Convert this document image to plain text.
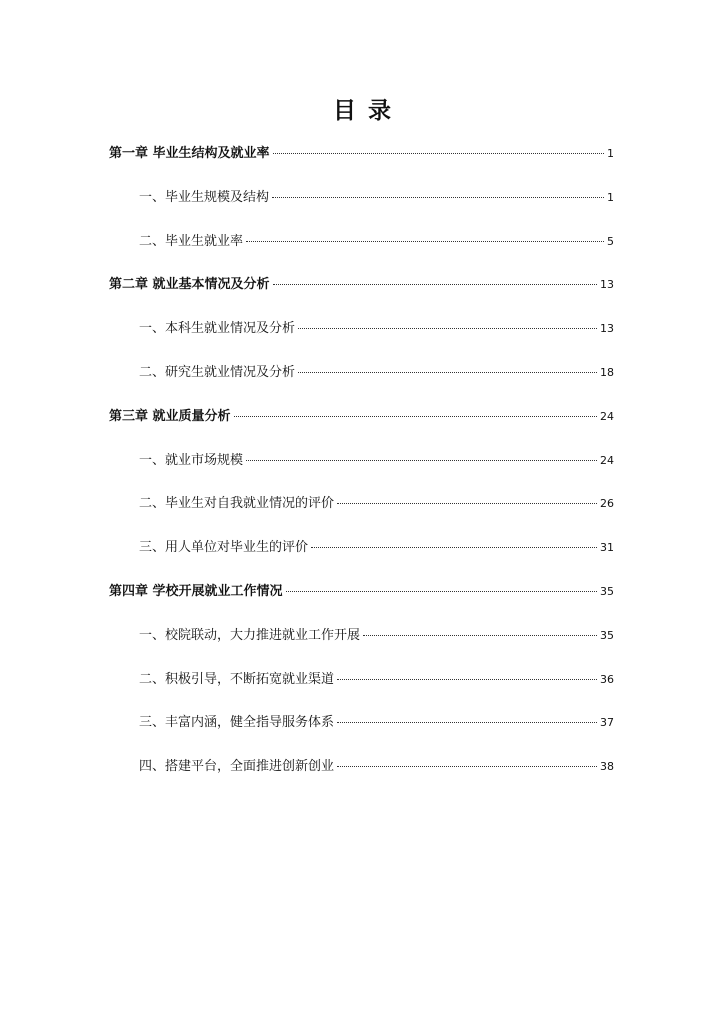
目录
第一章 毕业生结构及就业率	1
一、毕业生规模及结构	1
二、毕业生就业率	5
第二章 就业基本情况及分析	13
一、本科生就业情况及分析	13
二、研究生就业情况及分析	18
第三章 就业质量分析	24
一、就业市场规模	24
二、毕业生对自我就业情况的评价	26
三、用人单位对毕业生的评价	31
第四章 学校开展就业工作情况	35
一、校院联动，大力推进就业工作开展	35
二、积极引导，不断拓宽就业渠道	36
三、丰富内涵，健全指导服务体系	37
四、搭建平台，全面推进创新创业	38
